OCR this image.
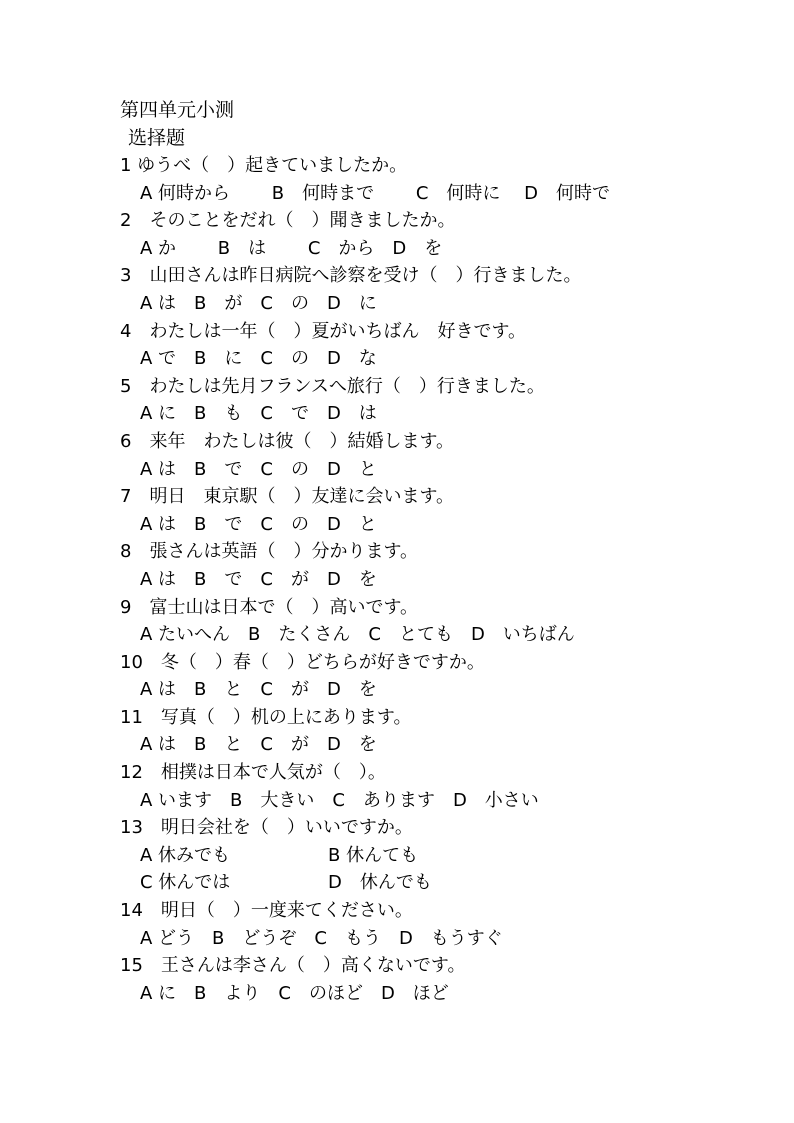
第四单元小测
选择题
1 ゆうべ（　）起きていましたか。
A 何時から　　 B　何時まで　　 C　何時に　 D　何時で
2　そのことをだれ（　）聞きましたか。
A か　　 B　は　　 C　から　D　を
3　山田さんは昨日病院へ診察を受け（　）行きました。
A は　B　が　C　の　D　に
4　わたしは一年（　）夏がいちばん　好きです。
A で　B　に　C　の　D　な
5　わたしは先月フランスへ旅行（　）行きました。
A に　B　も　C　で　D　は
6　来年　わたしは彼（　）結婚します。
A は　B　で　C　の　D　と
7　明日　東京駅（　）友達に会います。
A は　B　で　C　の　D　と
8　張さんは英語（　）分かります。
A は　B　で　C　が　D　を
9　富士山は日本で（　）高いです。
A たいへん　B　たくさん　C　とても　D　いちばん
10　冬（　）春（　）どちらが好きですか。
A は　B　と　C　が　D　を
11　写真（　）机の上にあります。
A は　B　と　C　が　D　を
12　相撲は日本で人気が（　）。
A います　B　大きい　C　あります　D　小さい
13　明日会社を（　）いいですか。
A 休みでも	B 休んても
C 休んでは	D　休んでも
14　明日（　）一度来てください。
A どう　B　どうぞ　C　もう　D　もうすぐ
15　王さんは李さん（　）高くないです。
A に　B　より　C　のほど　D　ほど
